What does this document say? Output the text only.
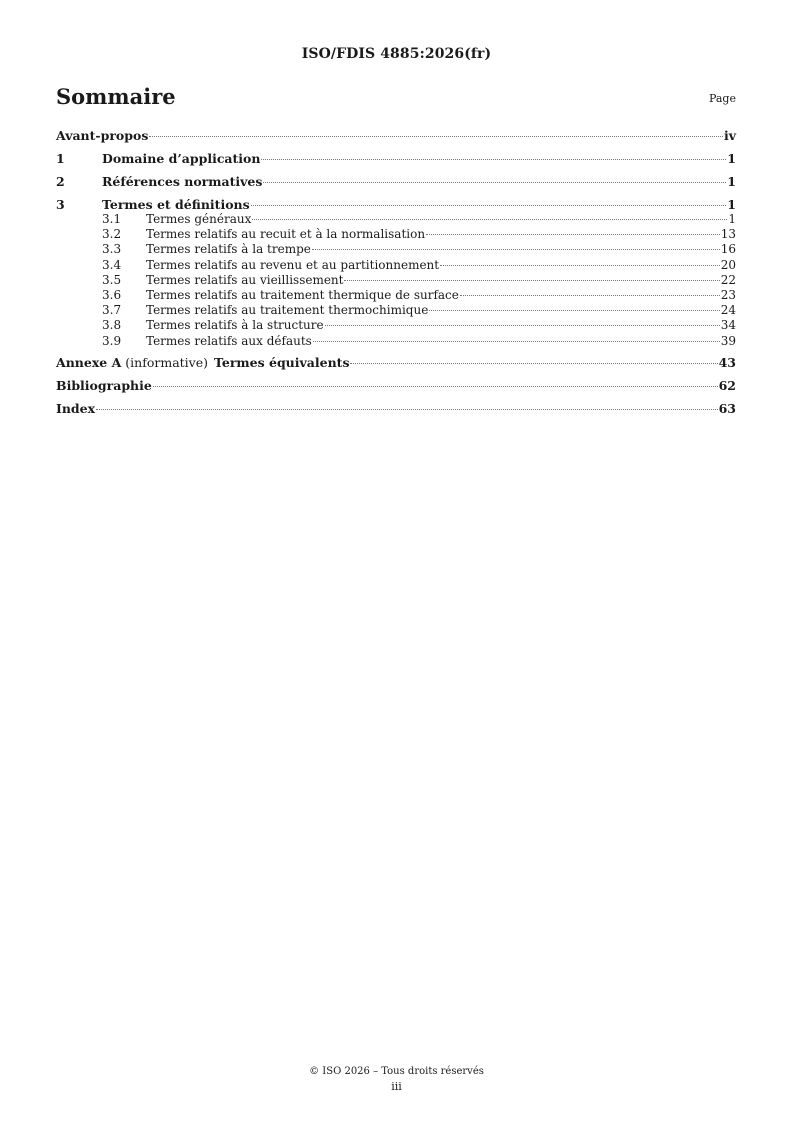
ISO/FDIS 4885:2026(fr)
Sommaire	Page
Avant-propos	iv
1	Domaine d’application	1
2	Références normatives	1
3	Termes et définitions	1
3.1	Termes généraux	1
3.2	Termes relatifs au recuit et à la normalisation	13
3.3	Termes relatifs à la trempe	16
3.4	Termes relatifs au revenu et au partitionnement	20
3.5	Termes relatifs au vieillissement	22
3.6	Termes relatifs au traitement thermique de surface	23
3.7	Termes relatifs au traitement thermochimique	24
3.8	Termes relatifs à la structure	34
3.9	Termes relatifs aux défauts	39
Annexe A (informative) Termes équivalents	43
Bibliographie	62
Index	63
© ISO 2026 – Tous droits réservés
iii
